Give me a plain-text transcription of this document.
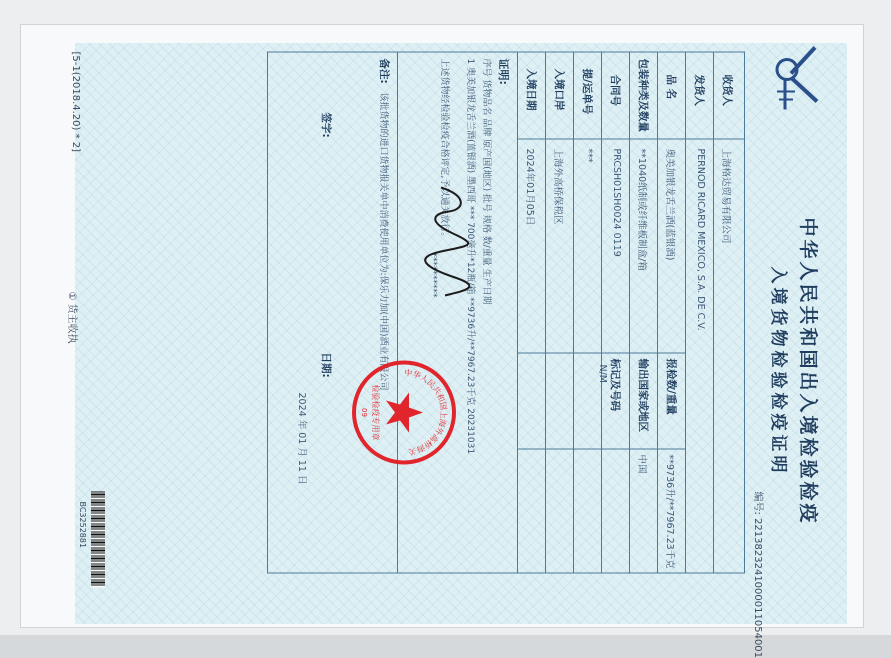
中华人民共和国出入境检验检疫
入境货物检验检疫证明
编号: 2213823241000011054001
收货人
上海格达贸易有限公司
发货人
PERNOD RICARD MEXICO, S.A. DE C.V.
品 名
奥美加银龙舌兰酒(蓝银酒)
包装种类及数量
**1040纸制或纤维板制盒/箱
合同号
PRCSH01SH0024 0119
提/运单号
***
入境口岸
上海外高桥保税区
入境日期
2024年01月05日
报检数/重量
**9736升/**7967.23千克
输出国家或地区
中国
标记及号码
N/M
证明:
序号 货物品名 品牌 原产国(地区) 批号 规格 数/重量 生产日期
1 奥美加银龙舌兰酒(蓝银酒) 墨西哥 *** 700毫升*12瓶/箱 **9736升/**7967.23千克 20231031
上述货物经检验检疫合格评定,予以通关放行。
**********
备注:
该批货物的进口货物报关单中消费使用单位为:保乐力加(中国)酒业有限公司
签字:
日期:
2024 年 01 月 11 日
中华人民共和国上海外高桥海关
检验检疫专用章
09
[5-1(2018.4.20) * 2]
① 货主收执
BC3252881
